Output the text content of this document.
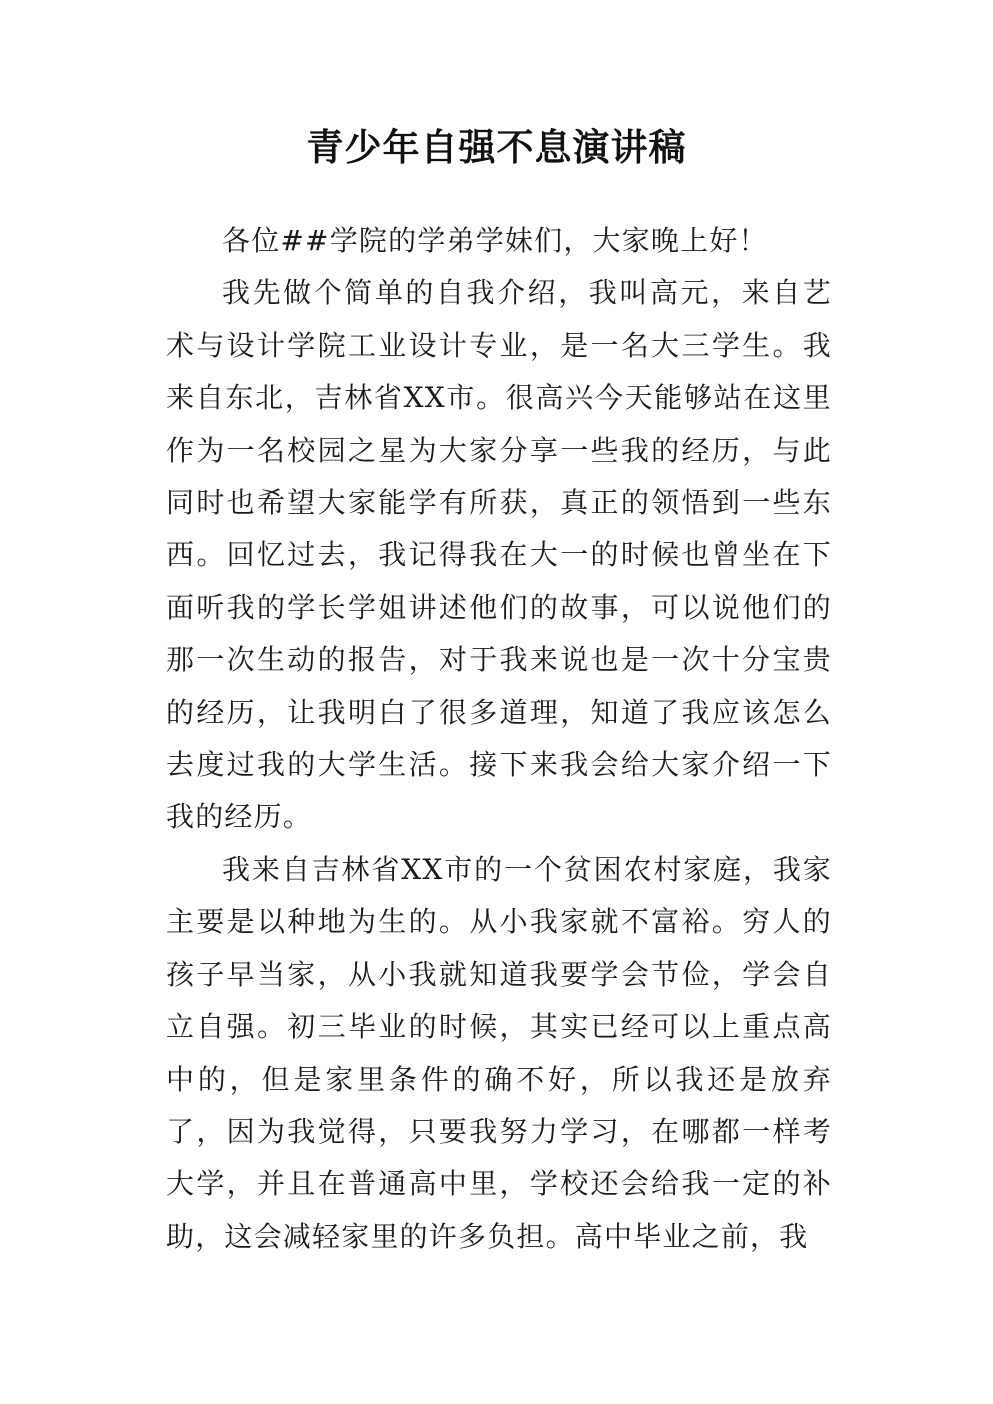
青少年自强不息演讲稿

各位##学院的学弟学妹们，大家晚上好！

我先做个简单的自我介绍，我叫高元，来自艺术与设计学院工业设计专业，是一名大三学生。我来自东北，吉林省XX市。很高兴今天能够站在这里作为一名校园之星为大家分享一些我的经历，与此同时也希望大家能学有所获，真正的领悟到一些东西。回忆过去，我记得我在大一的时候也曾坐在下面听我的学长学姐讲述他们的故事，可以说他们的那一次生动的报告，对于我来说也是一次十分宝贵的经历，让我明白了很多道理，知道了我应该怎么去度过我的大学生活。接下来我会给大家介绍一下我的经历。

我来自吉林省XX市的一个贫困农村家庭，我家主要是以种地为生的。从小我家就不富裕。穷人的孩子早当家，从小我就知道我要学会节俭，学会自立自强。初三毕业的时候，其实已经可以上重点高中的，但是家里条件的确不好，所以我还是放弃了，因为我觉得，只要我努力学习，在哪都一样考大学，并且在普通高中里，学校还会给我一定的补助，这会减轻家里的许多负担。高中毕业之前，我
